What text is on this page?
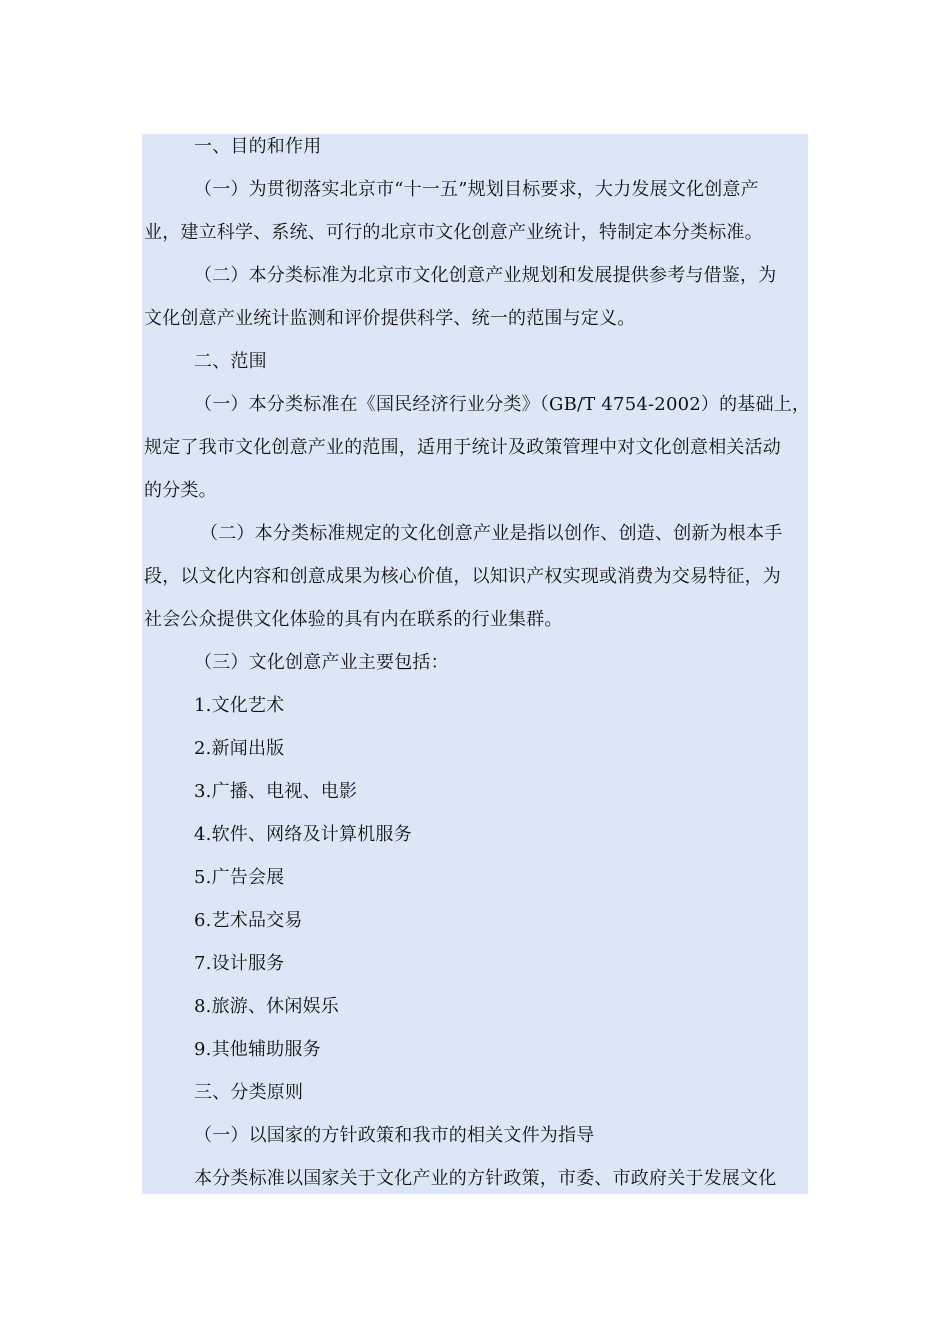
一、目的和作用
（一）为贯彻落实北京市“十一五”规划目标要求，大力发展文化创意产
业，建立科学、系统、可行的北京市文化创意产业统计，特制定本分类标准。
（二）本分类标准为北京市文化创意产业规划和发展提供参考与借鉴，为
文化创意产业统计监测和评价提供科学、统一的范围与定义。
二、范围
（一）本分类标准在《国民经济行业分类》（GB/T 4754-2002）的基础上，
规定了我市文化创意产业的范围，适用于统计及政策管理中对文化创意相关活动
的分类。
（二）本分类标准规定的文化创意产业是指以创作、创造、创新为根本手
段，以文化内容和创意成果为核心价值，以知识产权实现或消费为交易特征，为
社会公众提供文化体验的具有内在联系的行业集群。
（三）文化创意产业主要包括：
1.文化艺术
2.新闻出版
3.广播、电视、电影
4.软件、网络及计算机服务
5.广告会展
6.艺术品交易
7.设计服务
8.旅游、休闲娱乐
9.其他辅助服务
三、分类原则
（一）以国家的方针政策和我市的相关文件为指导
本分类标准以国家关于文化产业的方针政策，市委、市政府关于发展文化
